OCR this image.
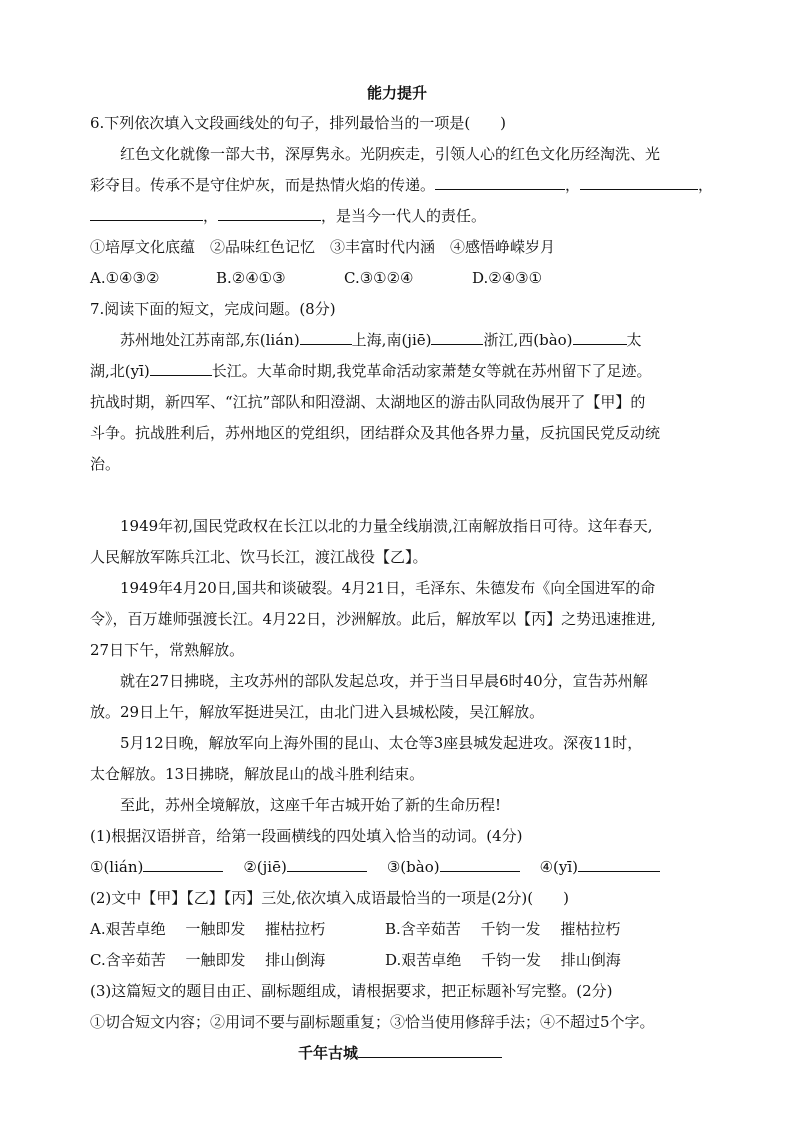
能力提升
6.下列依次填入文段画线处的句子，排列最恰当的一项是(　　)
红色文化就像一部大书，深厚隽永。光阴疾走，引领人心的红色文化历经淘洗、光
彩夺目。传承不是守住炉灰，而是热情火焰的传递。	，	，
，	，是当今一代人的责任。
①培厚文化底蕴　②品味红色记忆　③丰富时代内涵　④感悟峥嵘岁月
A.①④③②	B.②④①③	C.③①②④	D.②④③①
7.阅读下面的短文，完成问题。(8分)
苏州地处江苏南部,东(lián)	上海,南(jiē)	浙江,西(bào)	太
湖,北(yī)	长江。大革命时期,我党革命活动家萧楚女等就在苏州留下了足迹。
抗战时期，新四军、“江抗”部队和阳澄湖、太湖地区的游击队同敌伪展开了【甲】的
斗争。抗战胜利后，苏州地区的党组织，团结群众及其他各界力量，反抗国民党反动统
治。
1949年初,国民党政权在长江以北的力量全线崩溃,江南解放指日可待。这年春天,
人民解放军陈兵江北、饮马长江，渡江战役【乙】。
1949年4月20日,国共和谈破裂。4月21日，毛泽东、朱德发布《向全国进军的命
令》，百万雄师强渡长江。4月22日，沙洲解放。此后，解放军以【丙】之势迅速推进,
27日下午，常熟解放。
就在27日拂晓，主攻苏州的部队发起总攻，并于当日早晨6时40分，宣告苏州解
放。29日上午，解放军挺进吴江，由北门进入县城松陵，吴江解放。
5月12日晚，解放军向上海外围的昆山、太仓等3座县城发起进攻。深夜11时，
太仓解放。13日拂晓，解放昆山的战斗胜利结束。
至此，苏州全境解放，这座千年古城开始了新的生命历程!
(1)根据汉语拼音，给第一段画横线的四处填入恰当的动词。(4分)
①(lián)	②(jiē)	③(bào)	④(yī)
(2)文中【甲】【乙】【丙】三处,依次填入成语最恰当的一项是(2分)(　　)
A.艰苦卓绝　 一触即发　 摧枯拉朽	B.含辛茹苦　 千钧一发　 摧枯拉朽
C.含辛茹苦　 一触即发　 排山倒海	D.艰苦卓绝　 千钧一发　 排山倒海
(3)这篇短文的题目由正、副标题组成，请根据要求，把正标题补写完整。(2分)
①切合短文内容；②用词不要与副标题重复；③恰当使用修辞手法；④不超过5个字。
千年古城
